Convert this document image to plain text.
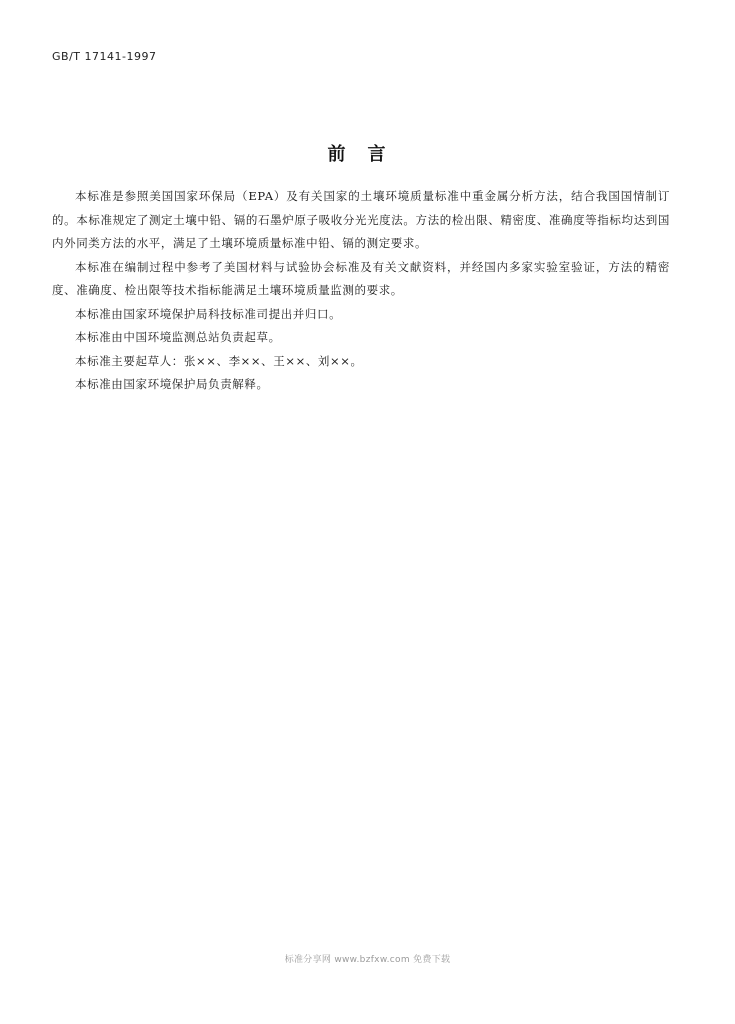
GB/T 17141-1997
前言

本标准是参照美国国家环保局（EPA）及有关国家的土壤环境质量标准中重金属分析方法，结合我国国情制订的。本标准规定了测定土壤中铅、镉的石墨炉原子吸收分光光度法。方法的检出限、精密度、准确度等指标均达到国内外同类方法的水平，满足了土壤环境质量标准中铅、镉的测定要求。

本标准在编制过程中参考了美国材料与试验协会标准及有关文献资料，并经国内多家实验室验证，方法的精密度、准确度、检出限等技术指标能满足土壤环境质量监测的要求。

本标准由国家环境保护局科技标准司提出并归口。

本标准由中国环境监测总站负责起草。

本标准主要起草人：张××、李××、王××、刘××。

本标准由国家环境保护局负责解释。

标准分享网 www.bzfxw.com 免费下载
